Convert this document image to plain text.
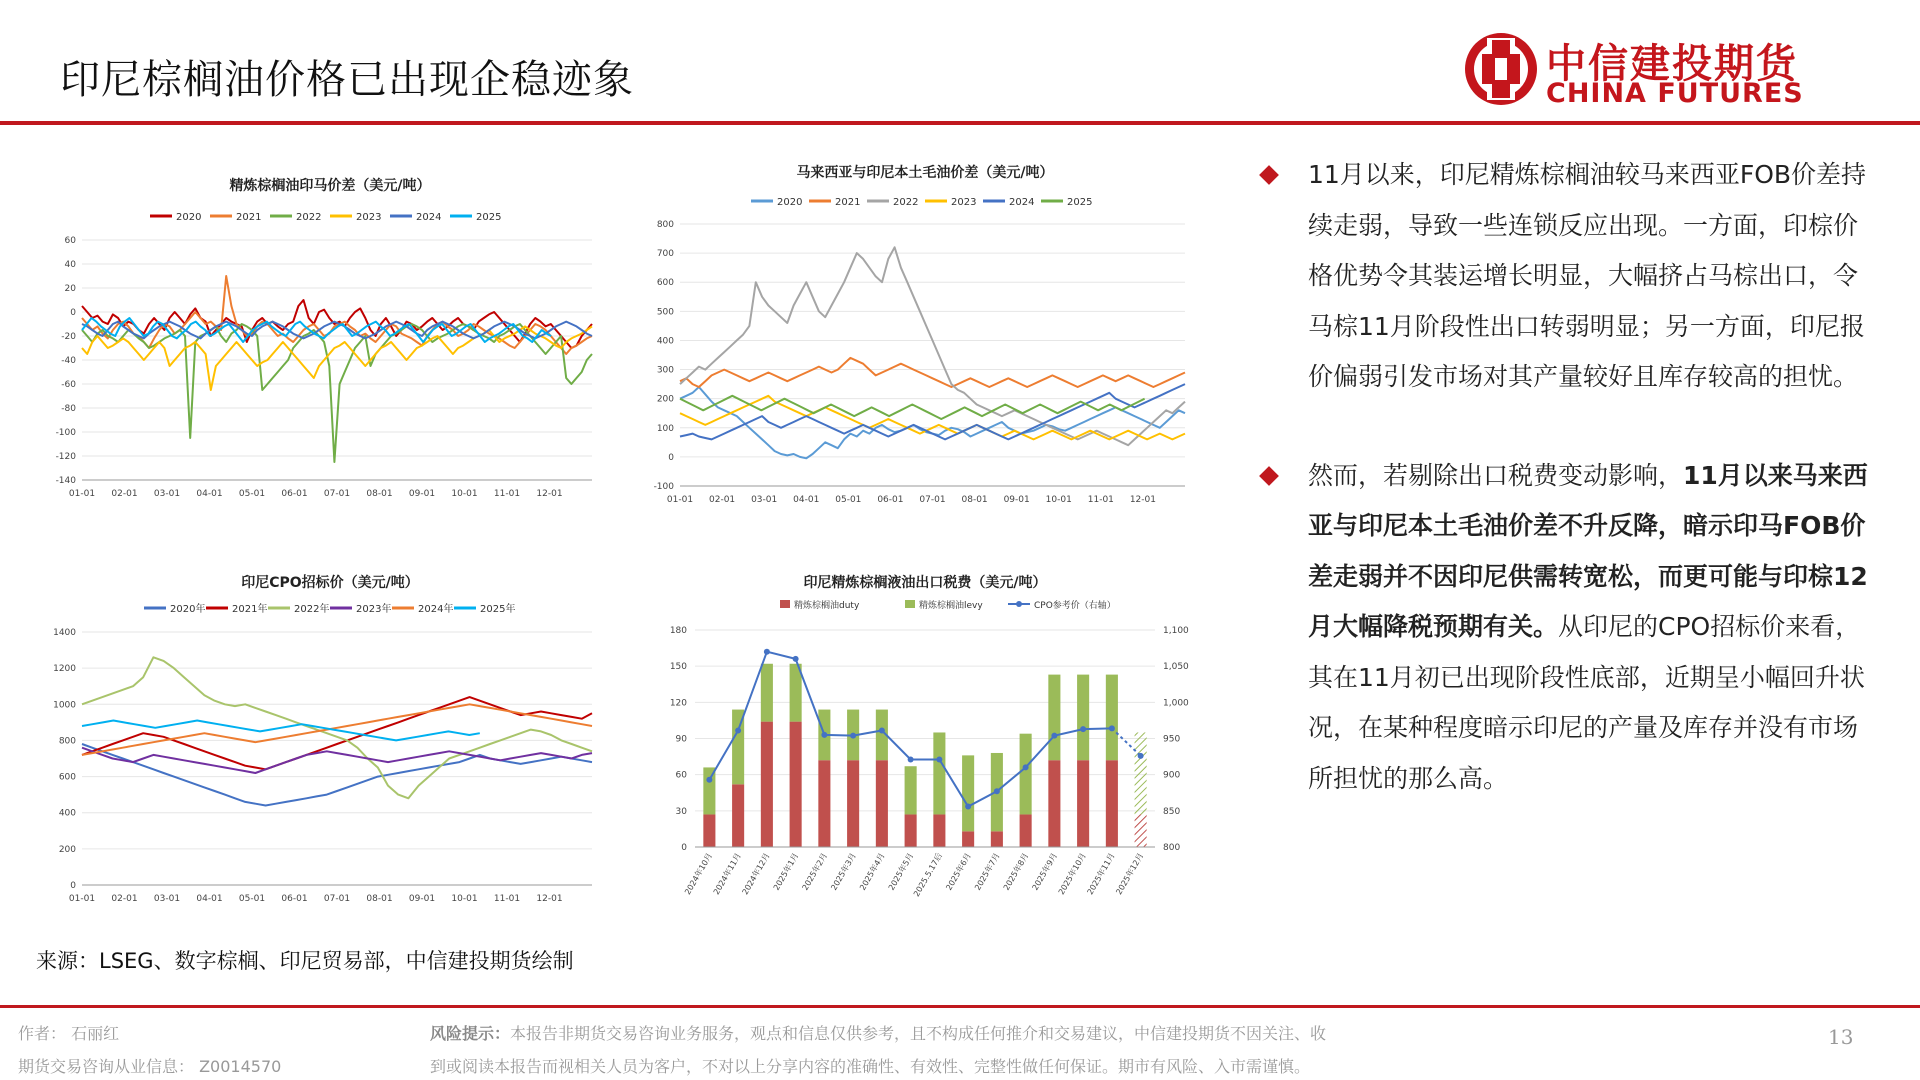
印尼棕榈油价格已出现企稳迹象	中信建投期货
CHINA FUTURES
精炼棕榈油印马价差（美元/吨）
2020	2021	2022	2023	2024	2025
60
40
20
0
-20
-40
-60
-80
-100
-120
-140
01-01 02-01 03-01 04-01 05-01 06-01 07-01 08-01 09-01 10-01 11-01 12-01
马来西亚与印尼本土毛油价差（美元/吨）
2020	2021	2022	2023	2024	2025
800
700
600
500
400
300
200
100
0
-100
01-01 02-01 03-01 04-01 05-01 06-01 07-01 08-01 09-01 10-01 11-01 12-01
印尼CPO招标价（美元/吨）
2020年	2021年	2022年	2023年	2024年	2025年
1400
1200
1000
800
600
400
200
0
01-01 02-01 03-01 04-01 05-01 06-01 07-01 08-01 09-01 10-01 11-01 12-01
印尼精炼棕榈液油出口税费（美元/吨）
精炼棕榈油duty	精炼棕榈油levy	CPO参考价（右轴）
180
150
120
90
60
30
0
1,100
1,050
1,000
950
900
850
800
2024年10月
2024年11月
2024年12月 2025年1月 2025年2月 2025年3月 2025年4月 2025年5月
2025.5.17后 2025年6月 2025年7月 2025年8月 2025年9月
2025年10月
2025年11月
2025年12月
11月以来，印尼精炼棕榈油较马来西亚FOB价差持续走弱，导致一些连锁反应出现。一方面，印棕价格优势令其装运增长明显，大幅挤占马棕出口，令马棕11月阶段性出口转弱明显；另一方面，印尼报价偏弱引发市场对其产量较好且库存较高的担忧。
然而，若剔除出口税费变动影响，11月以来马来西亚与印尼本土毛油价差不升反降，暗示印马FOB价差走弱并不因印尼供需转宽松，而更可能与印棕12月大幅降税预期有关。从印尼的CPO招标价来看，其在11月初已出现阶段性底部，近期呈小幅回升状况，在某种程度暗示印尼的产量及库存并没有市场所担忧的那么高。
来源：LSEG、数字棕榈、印尼贸易部，中信建投期货绘制
作者： 石丽红
期货交易咨询从业信息： Z0014570
风险提示：本报告非期货交易咨询业务服务，观点和信息仅供参考，且不构成任何推介和交易建议，中信建投期货不因关注、收
到或阅读本报告而视相关人员为客户，不对以上分享内容的准确性、有效性、完整性做任何保证。期市有风险、入市需谨慎。
13
